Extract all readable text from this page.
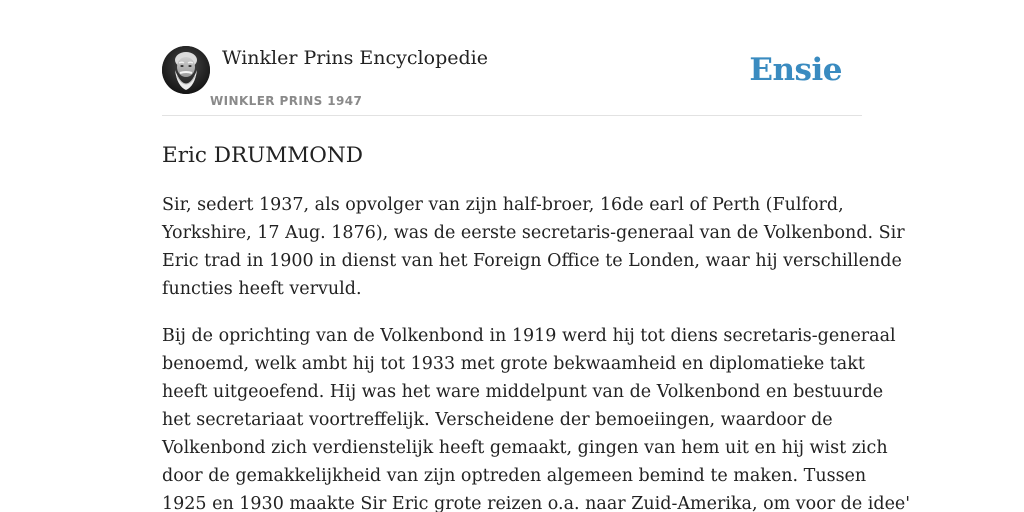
Winkler Prins Encyclopedie
WINKLER PRINS 1947
Ensie
Eric DRUMMOND

Sir, sedert 1937, als opvolger van zijn half-broer, 16de earl of Perth (Fulford,
Yorkshire, 17 Aug. 1876), was de eerste secretaris-generaal van de Volkenbond. Sir
Eric trad in 1900 in dienst van het Foreign Office te Londen, waar hij verschillende
functies heeft vervuld.

Bij de oprichting van de Volkenbond in 1919 werd hij tot diens secretaris-generaal
benoemd, welk ambt hij tot 1933 met grote bekwaamheid en diplomatieke takt
heeft uitgeoefend. Hij was het ware middelpunt van de Volkenbond en bestuurde
het secretariaat voortreffelijk. Verscheidene der bemoeiingen, waardoor de
Volkenbond zich verdienstelijk heeft gemaakt, gingen van hem uit en hij wist zich
door de gemakkelijkheid van zijn optreden algemeen bemind te maken. Tussen
1925 en 1930 maakte Sir Eric grote reizen o.a. naar Zuid-Amerika, om voor de idee'
